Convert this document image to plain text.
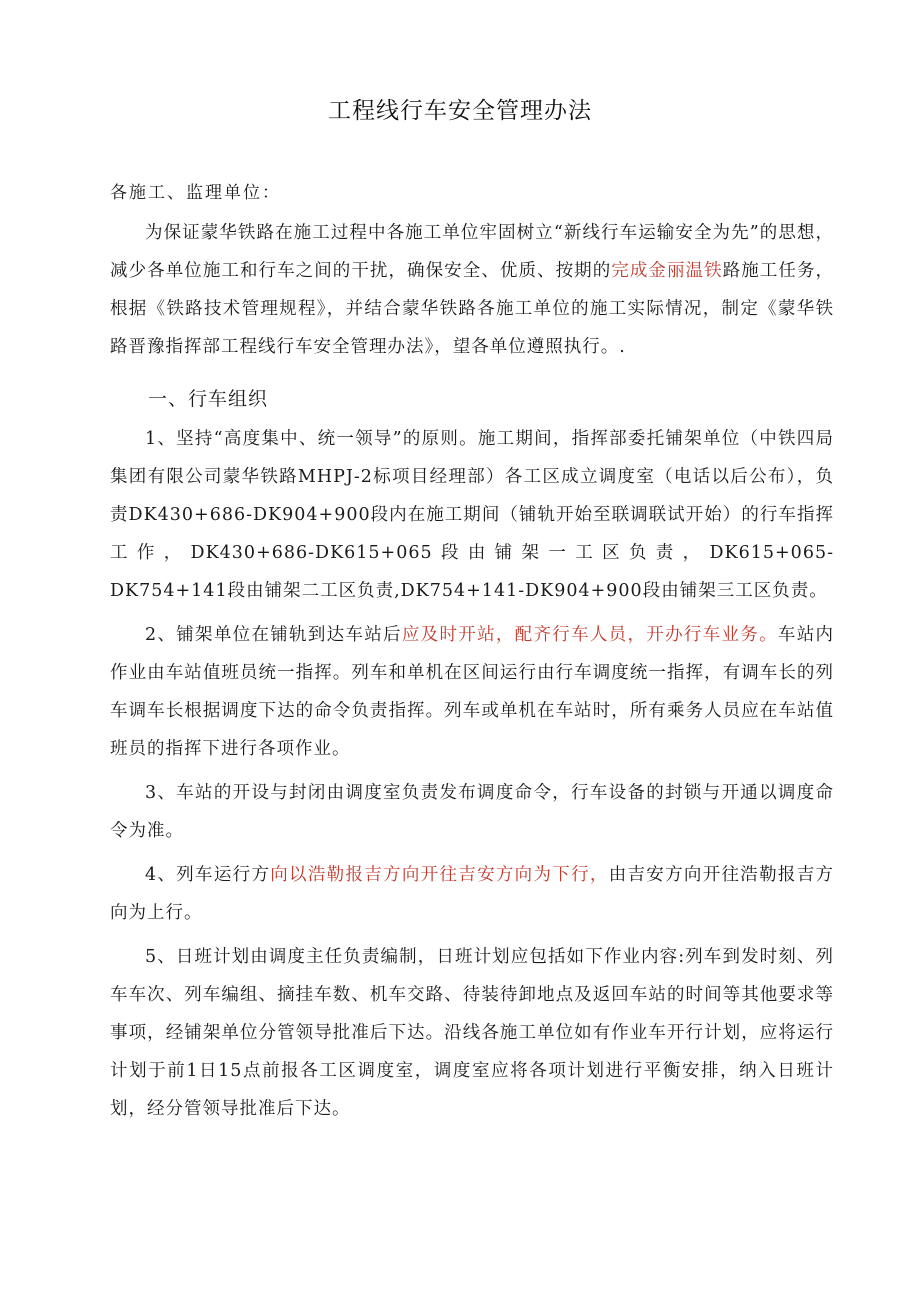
工程线行车安全管理办法
各施工、监理单位：

为保证蒙华铁路在施工过程中各施工单位牢固树立“新线行车运输安全为先”的思想，减少各单位施工和行车之间的干扰，确保安全、优质、按期的完成金丽温铁路施工任务，根据《铁路技术管理规程》，并结合蒙华铁路各施工单位的施工实际情况，制定《蒙华铁路晋豫指挥部工程线行车安全管理办法》，望各单位遵照执行。.

一、行车组织

1、坚持“高度集中、统一领导”的原则。施工期间，指挥部委托铺架单位（中铁四局集团有限公司蒙华铁路MHPJ-2标项目经理部）各工区成立调度室（电话以后公布），负责DK430+686-DK904+900段内在施工期间（铺轨开始至联调联试开始）的行车指挥工作，DK430+686-DK615+065段由铺架一工区负责，DK615+065-DK754+141段由铺架二工区负责,DK754+141-DK904+900段由铺架三工区负责。

2、铺架单位在铺轨到达车站后应及时开站，配齐行车人员，开办行车业务。车站内作业由车站值班员统一指挥。列车和单机在区间运行由行车调度统一指挥，有调车长的列车调车长根据调度下达的命令负责指挥。列车或单机在车站时，所有乘务人员应在车站值班员的指挥下进行各项作业。

3、车站的开设与封闭由调度室负责发布调度命令，行车设备的封锁与开通以调度命令为准。

4、列车运行方向以浩勒报吉方向开往吉安方向为下行，由吉安方向开往浩勒报吉方向为上行。

5、日班计划由调度主任负责编制，日班计划应包括如下作业内容:列车到发时刻、列车车次、列车编组、摘挂车数、机车交路、待装待卸地点及返回车站的时间等其他要求等事项，经铺架单位分管领导批准后下达。沿线各施工单位如有作业车开行计划，应将运行计划于前1日15点前报各工区调度室，调度室应将各项计划进行平衡安排，纳入日班计划，经分管领导批准后下达。
